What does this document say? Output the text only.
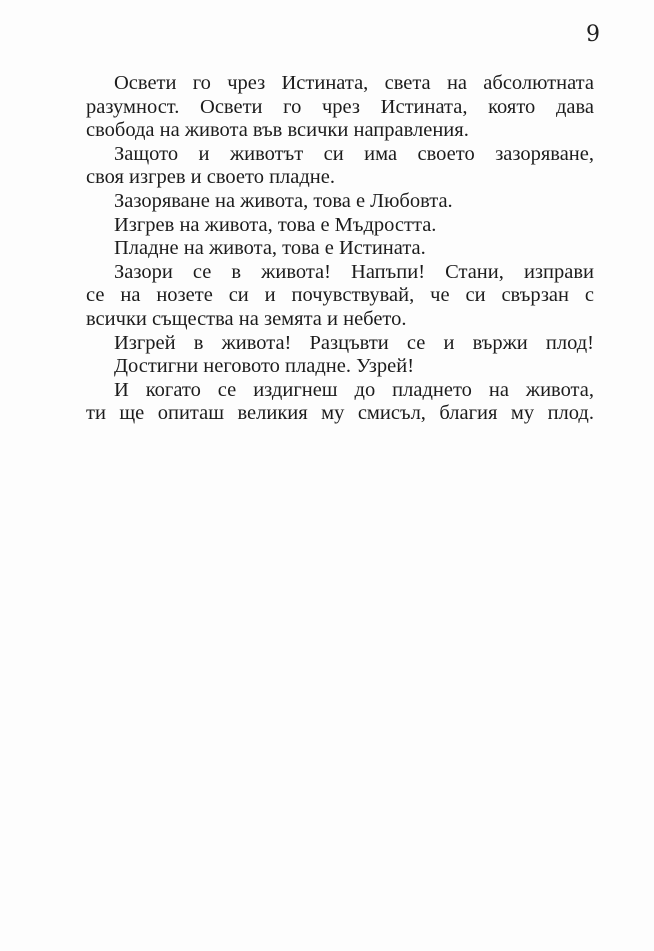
9
Освети го чрез Истината, света на абсолютната
разумност. Освети го чрез Истината, която дава
свобода на живота във всички направления.
Защото и животът си има своето зазоряване,
своя изгрев и своето пладне.
Зазоряване на живота, това е Любовта.
Изгрев на живота, това е Мъдростта.
Пладне на живота, това е Истината.
Зазори се в живота! Напъпи! Стани, изправи
се на нозете си и почувствувай, че си свързан с
всички същества на земята и небето.
Изгрей в живота! Разцъвти се и вържи плод!
Достигни неговото пладне. Узрей!
И когато се издигнеш до пладнето на живота,
ти ще опиташ великия му смисъл, благия му плод.
